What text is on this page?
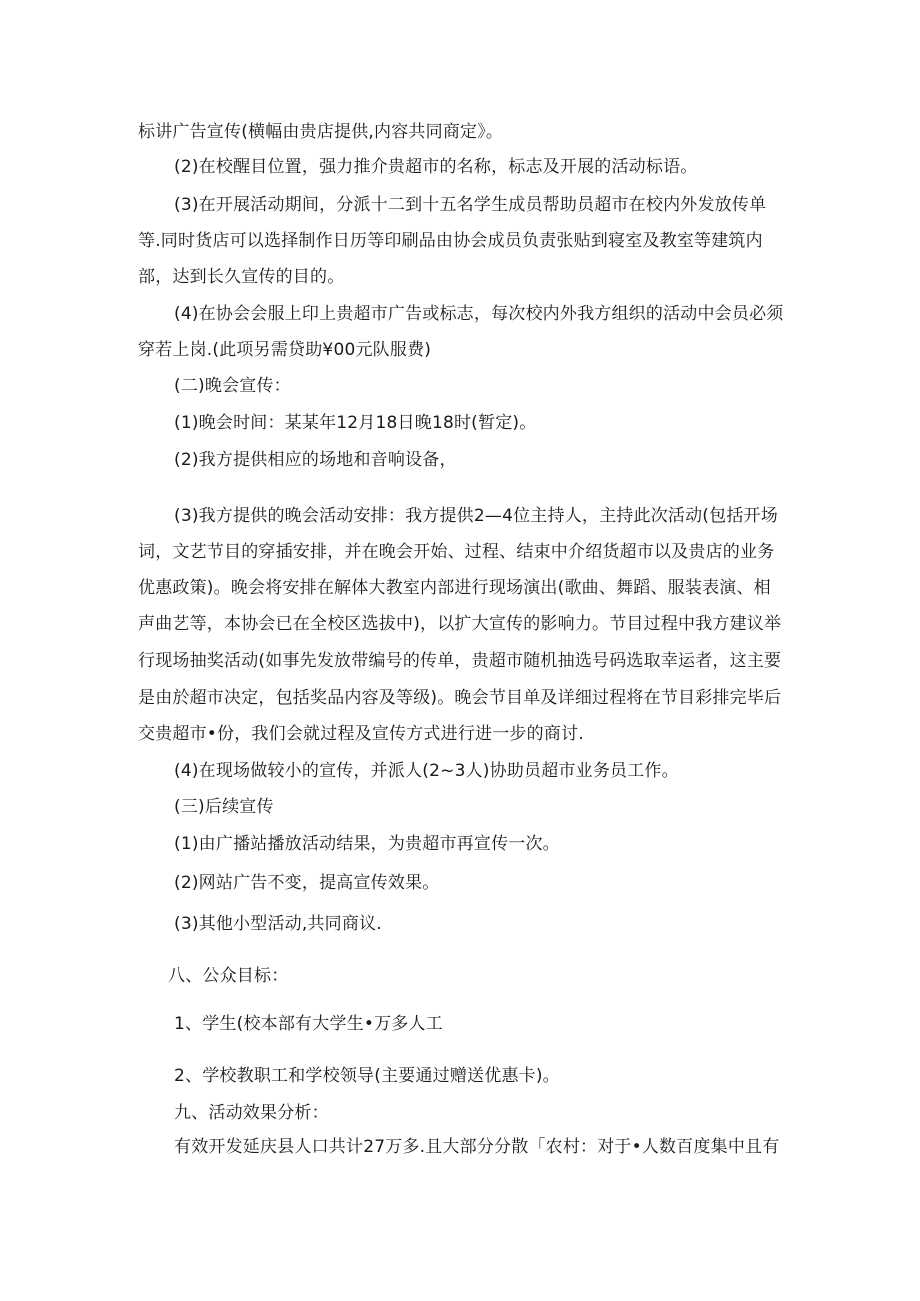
标讲广告宣传(横幅由贵店提供,内容共同商定》。
(2)在校醒目位置，强力推介贵超市的名称，标志及开展的活动标语。
(3)在开展活动期间，分派十二到十五名学生成员帮助员超市在校内外发放传单
等.同时货店可以选择制作日历等印刷品由协会成员负责张贴到寝室及教室等建筑内
部，达到长久宣传的目的。
(4)在协会会服上印上贵超市广告或标志，每次校内外我方组织的活动中会员必须
穿若上岗.(此项另需贷助¥00元队服费)
(二)晚会宣传：
(1)晚会时间：某某年12月18日晚18时(暂定)。
(2)我方提供相应的场地和音响设备，
(3)我方提供的晚会活动安排：我方提供2—4位主持人，主持此次活动(包括开场
词，文艺节目的穿插安排，并在晚会开始、过程、结束中介绍货超市以及贵店的业务
优惠政策)。晚会将安排在解体大教室内部进行现场演出(歌曲、舞蹈、服装表演、相
声曲艺等，本协会已在全校区选拔中)，以扩大宣传的影响力。节目过程中我方建议举
行现场抽奖活动(如事先发放带编号的传单，贵超市随机抽选号码选取幸运者，这主要
是由於超市决定，包括奖品内容及等级)。晚会节目单及详细过程将在节目彩排完毕后
交贵超市•份，我们会就过程及宣传方式进行进一步的商讨.
(4)在现场做较小的宣传，并派人(2~3人)协助员超市业务员工作。
(三)后续宣传
(1)由广播站播放活动结果，为贵超市再宣传一次。
(2)网站广告不变，提高宣传效果。
(3)其他小型活动,共同商议.
八、公众目标：
1、学生(校本部有大学生•万多人工
2、学校教职工和学校领导(主要通过赠送优惠卡)。
九、活动效果分析：
有效开发延庆县人口共计27万多.且大部分分散「农村：对于•人数百度集中且有
